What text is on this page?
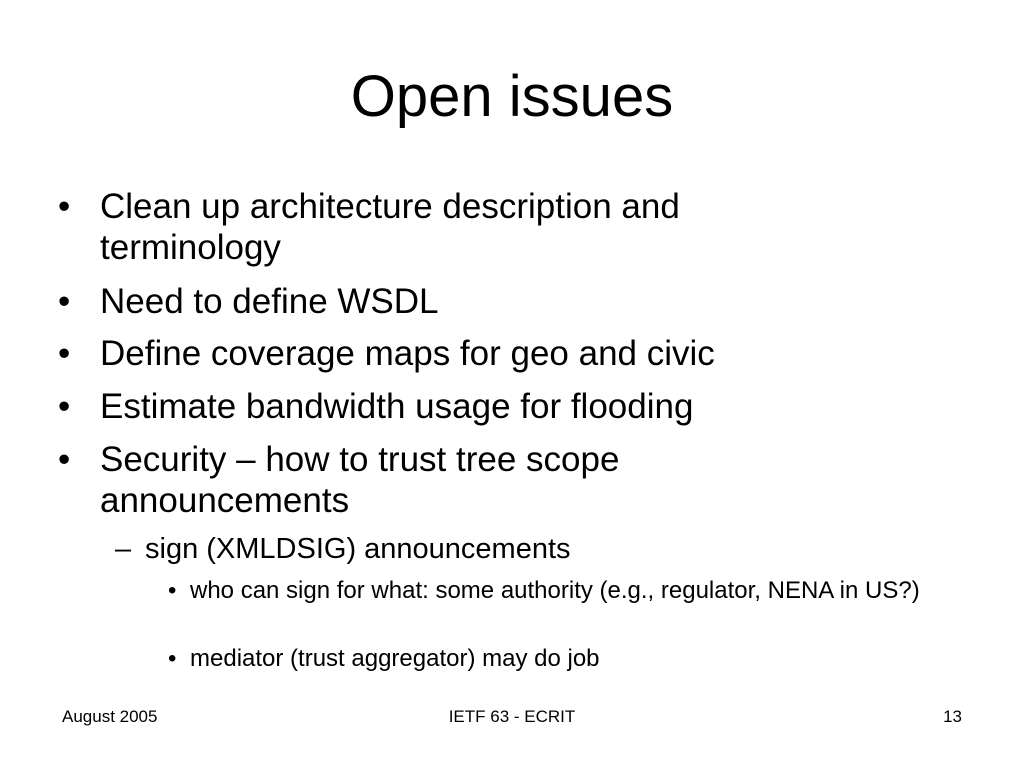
Open issues
• Clean up architecture description and terminology
• Need to define WSDL
• Define coverage maps for geo and civic
• Estimate bandwidth usage for flooding
• Security – how to trust tree scope announcements
– sign (XMLDSIG) announcements
• who can sign for what: some authority (e.g., regulator, NENA in US?)
• mediator (trust aggregator) may do job
August 2005	IETF 63 - ECRIT	13
